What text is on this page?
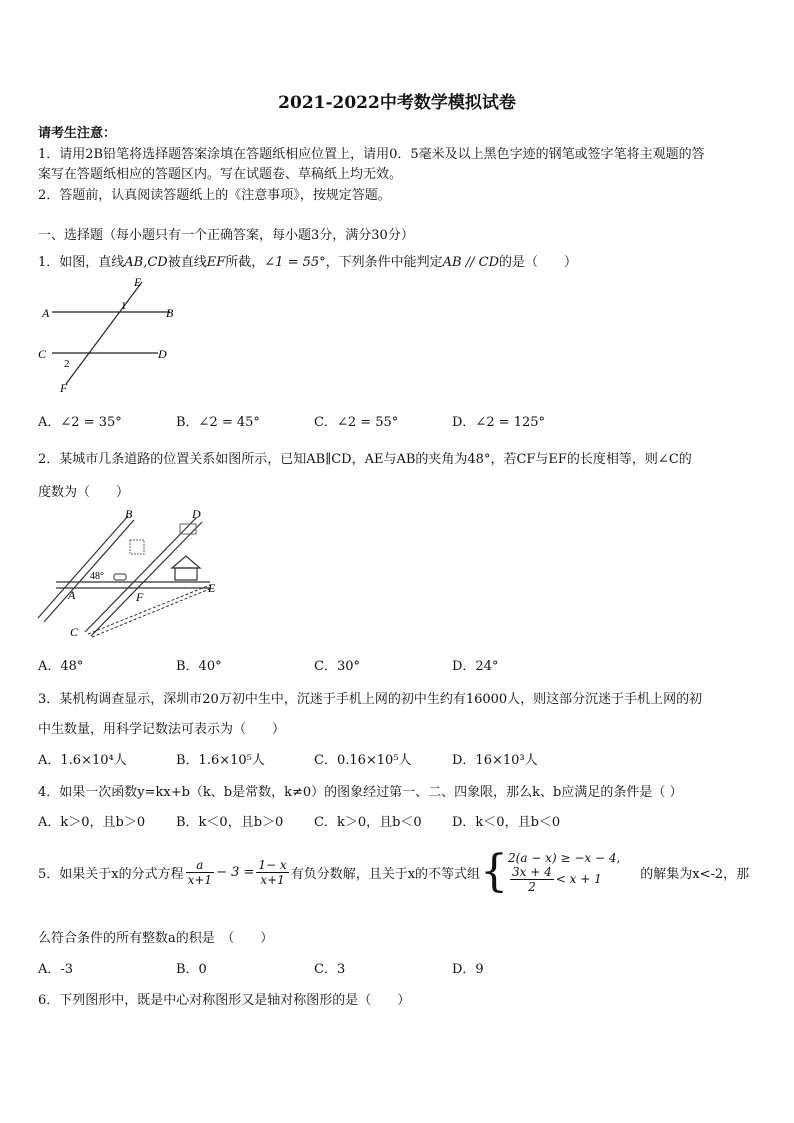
2021-2022中考数学模拟试卷
请考生注意：
1．请用2B铅笔将选择题答案涂填在答题纸相应位置上，请用0．5毫米及以上黑色字迹的钢笔或签字笔将主观题的答
案写在答题纸相应的答题区内。写在试题卷、草稿纸上均无效。
2．答题前，认真阅读答题纸上的《注意事项》，按规定答题。
一、选择题（每小题只有一个正确答案，每小题3分，满分30分）
1．如图，直线AB,CD被直线EF所截，∠1 = 55°，下列条件中能判定AB // CD的是（　　）
E
A	B
C	D
F
1
2
A．∠2 = 35°	B．∠2 = 45°	C．∠2 = 55°	D．∠2 = 125°
2．某城市几条道路的位置关系如图所示，已知AB∥CD，AE与AB的夹角为48°，若CF与EF的长度相等，则∠C的
度数为（　　）
B	D
A	F
E
C
48°
A．48°	B．40°	C．30°	D．24°
3．某机构调查显示，深圳市20万初中生中，沉迷于手机上网的初中生约有16000人，则这部分沉迷于手机上网的初
中生数量，用科学记数法可表示为（　　）
A．1.6×10⁴人	B．1.6×10⁵人	C．0.16×10⁵人	D．16×10³人
4．如果一次函数y=kx+b（k、b是常数，k≠0）的图象经过第一、二、四象限，那么k、b应满足的条件是（ ）
A．k＞0，且b＞0 B．k＜0，且b＞0 C．k＞0，且b＜0 D．k＜0，且b＜0
5．如果关于x的分式方程 $\frac{a}{x+1} - 3 = \frac{1- x}{x+1}$ 有负分数解，且关于x的不等式组 { 2(a − x) ≥ −x − 4,
$\frac{3x + 4}{2} < x + 1$	的解集为x<-2，那
么符合条件的所有整数a的积是　（　　）
A．-3	B．0	C．3	D．9
6．下列图形中，既是中心对称图形又是轴对称图形的是（　　）
